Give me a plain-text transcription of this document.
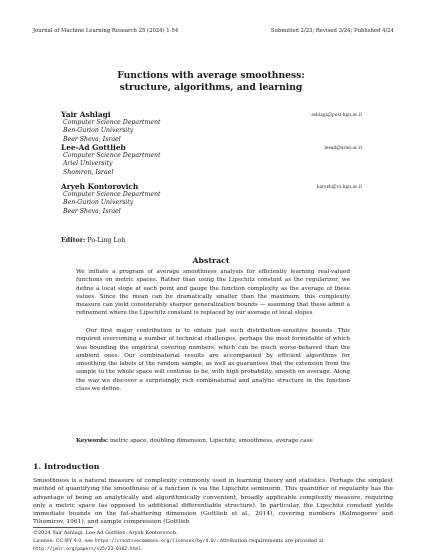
Journal of Machine Learning Research 25 (2024) 1-54	Submitted 2/23; Revised 3/24; Published 4/24
Functions with average smoothness:
structure, algorithms, and learning
Yair Ashlagi
Computer Science Department
Ben-Gurion University
Beer Sheva, Israel
ashlagi@post.bgu.ac.il
Lee-Ad Gottlieb
Computer Science Department
Ariel University
Shomron, Israel
leead@ariel.ac.il
Aryeh Kontorovich
Computer Science Department
Ben-Gurion University
Beer Sheva, Israel
karyeh@cs.bgu.ac.il
Editor: Po-Ling Loh
Abstract
We initiate a program of average smoothness analysis for efficiently learning real-valued functions on metric spaces. Rather than using the Lipschitz constant as the regularizer, we define a local slope at each point and gauge the function complexity as the average of these values. Since the mean can be dramatically smaller than the maximum, this complexity measure can yield considerably sharper generalization bounds — assuming that these admit a refinement where the Lipschitz constant is replaced by our average of local slopes.
Our first major contribution is to obtain just such distribution-sensitive bounds. This required overcoming a number of technical challenges, perhaps the most formidable of which was bounding the empirical covering numbers, which can be much worse-behaved than the ambient ones. Our combinatorial results are accompanied by efficient algorithms for smoothing the labels of the random sample, as well as guarantees that the extension from the sample to the whole space will continue to be, with high probability, smooth on average. Along the way we discover a surprisingly rich combinatorial and analytic structure in the function class we define.
Keywords: metric space, doubling dimension, Lipschitz, smoothness, average case
1. Introduction
Smoothness is a natural measure of complexity commonly used in learning theory and statistics. Perhaps the simplest method of quantifying the smoothness of a function is via the Lipschitz seminorm. This quantifier of regularity has the advantage of being an analytically and algorithmically convenient, broadly applicable complexity measure, requiring only a metric space (as opposed to additional differentiable structure). In particular, the Lipschitz constant yields immediate bounds on the fat-shattering dimension (Gottlieb et al., 2014), covering numbers (Kolmogorov and Tihomirov, 1961), and sample compression (Gottlieb
©2024 Yair Ashlagi, Lee-Ad Gottlieb, Aryeh Kontorovich.
License: CC-BY 4.0, see https://creativecommons.org/licenses/by/4.0/. Attribution requirements are provided at http://jmlr.org/papers/v25/23-0182.html.
